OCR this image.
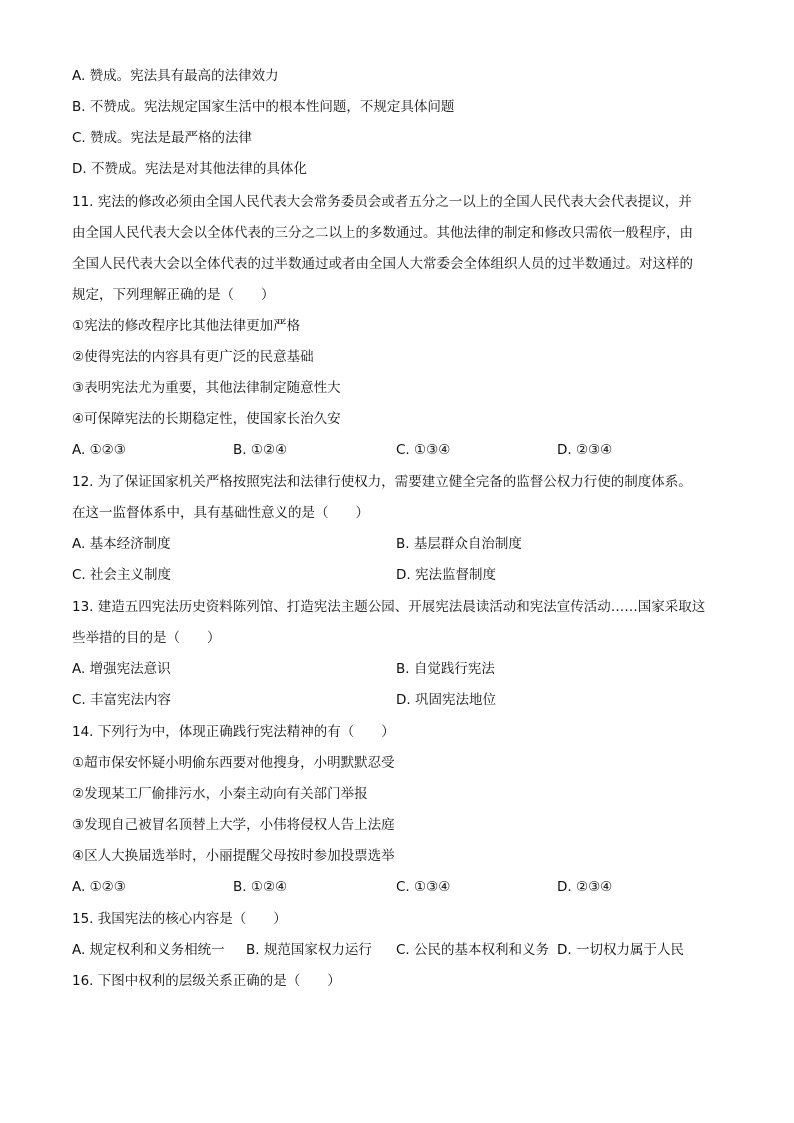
A. 赞成。宪法具有最高的法律效力
B. 不赞成。宪法规定国家生活中的根本性问题，不规定具体问题
C. 赞成。宪法是最严格的法律
D. 不赞成。宪法是对其他法律的具体化
11. 宪法的修改必须由全国人民代表大会常务委员会或者五分之一以上的全国人民代表大会代表提议，并
由全国人民代表大会以全体代表的三分之二以上的多数通过。其他法律的制定和修改只需依一般程序，由
全国人民代表大会以全体代表的过半数通过或者由全国人大常委会全体组织人员的过半数通过。对这样的
规定，下列理解正确的是（　　）
①宪法的修改程序比其他法律更加严格
②使得宪法的内容具有更广泛的民意基础
③表明宪法尤为重要，其他法律制定随意性大
④可保障宪法的长期稳定性，使国家长治久安
A. ①②③	B. ①②④	C. ①③④	D. ②③④
12. 为了保证国家机关严格按照宪法和法律行使权力，需要建立健全完备的监督公权力行使的制度体系。
在这一监督体系中，具有基础性意义的是（　　）
A. 基本经济制度	B. 基层群众自治制度
C. 社会主义制度	D. 宪法监督制度
13. 建造五四宪法历史资料陈列馆、打造宪法主题公园、开展宪法晨读活动和宪法宣传活动……国家采取这
些举措的目的是（　　）
A. 增强宪法意识	B. 自觉践行宪法
C. 丰富宪法内容	D. 巩固宪法地位
14. 下列行为中，体现正确践行宪法精神的有（　　）
①超市保安怀疑小明偷东西要对他搜身，小明默默忍受
②发现某工厂偷排污水，小秦主动向有关部门举报
③发现自己被冒名顶替上大学，小伟将侵权人告上法庭
④区人大换届选举时，小丽提醒父母按时参加投票选举
A. ①②③	B. ①②④	C. ①③④	D. ②③④
15. 我国宪法的核心内容是（　　）
A. 规定权利和义务相统一 B. 规范国家权力运行 C. 公民的基本权利和义务 D. 一切权力属于人民
16. 下图中权利的层级关系正确的是（　　）
